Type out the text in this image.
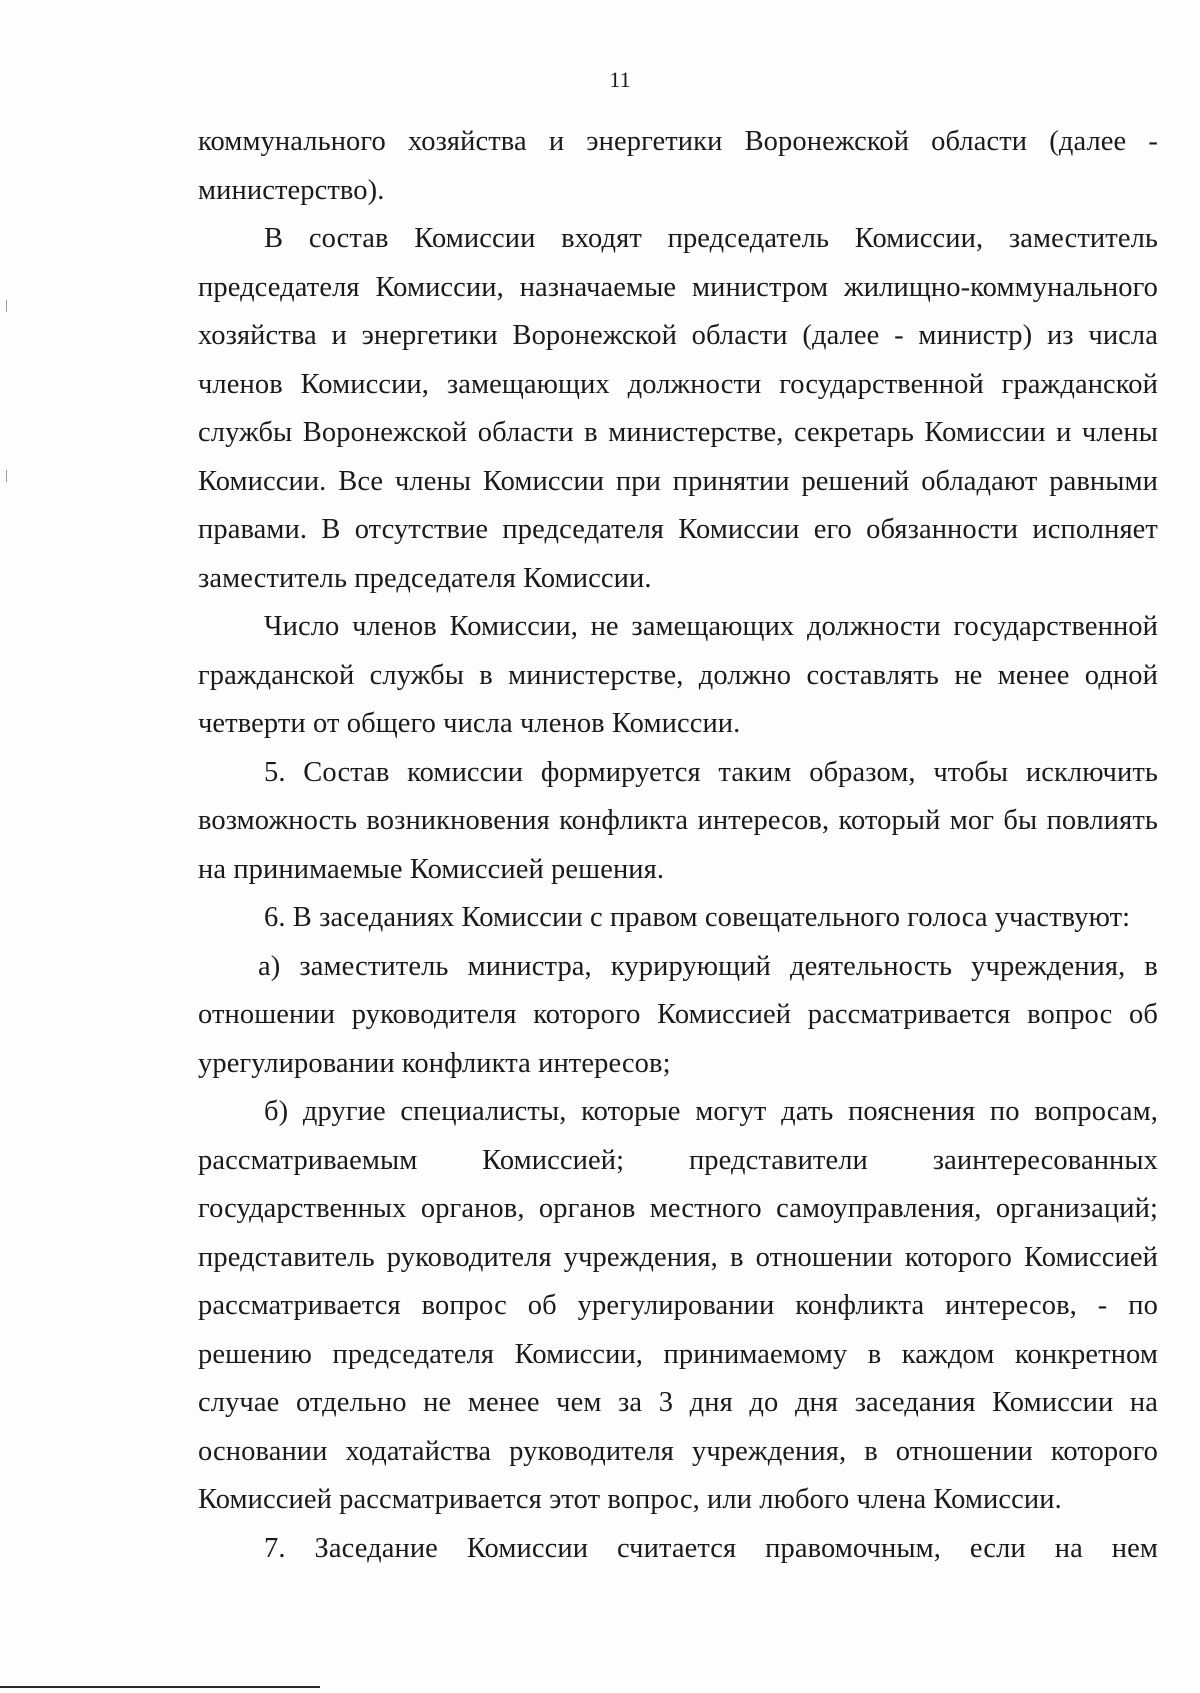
11

коммунального хозяйства и энергетики Воронежской области (далее - министерство).

В состав Комиссии входят председатель Комиссии, заместитель председателя Комиссии, назначаемые министром жилищно-коммунального хозяйства и энергетики Воронежской области (далее - министр) из числа членов Комиссии, замещающих должности государственной гражданской службы Воронежской области в министерстве, секретарь Комиссии и члены Комиссии. Все члены Комиссии при принятии решений обладают равными правами. В отсутствие председателя Комиссии его обязанности исполняет заместитель председателя Комиссии.

Число членов Комиссии, не замещающих должности государственной гражданской службы в министерстве, должно составлять не менее одной четверти от общего числа членов Комиссии.

5. Состав комиссии формируется таким образом, чтобы исключить возможность возникновения конфликта интересов, который мог бы повлиять на принимаемые Комиссией решения.

6. В заседаниях Комиссии с правом совещательного голоса участвуют:

а) заместитель министра, курирующий деятельность учреждения, в отношении руководителя которого Комиссией рассматривается вопрос об урегулировании конфликта интересов;

б) другие специалисты, которые могут дать пояснения по вопросам, рассматриваемым Комиссией; представители заинтересованных государственных органов, органов местного самоуправления, организаций; представитель руководителя учреждения, в отношении которого Комиссией рассматривается вопрос об урегулировании конфликта интересов, - по решению председателя Комиссии, принимаемому в каждом конкретном случае отдельно не менее чем за 3 дня до дня заседания Комиссии на основании ходатайства руководителя учреждения, в отношении которого Комиссией рассматривается этот вопрос, или любого члена Комиссии.

7. Заседание Комиссии считается правомочным, если на нем
